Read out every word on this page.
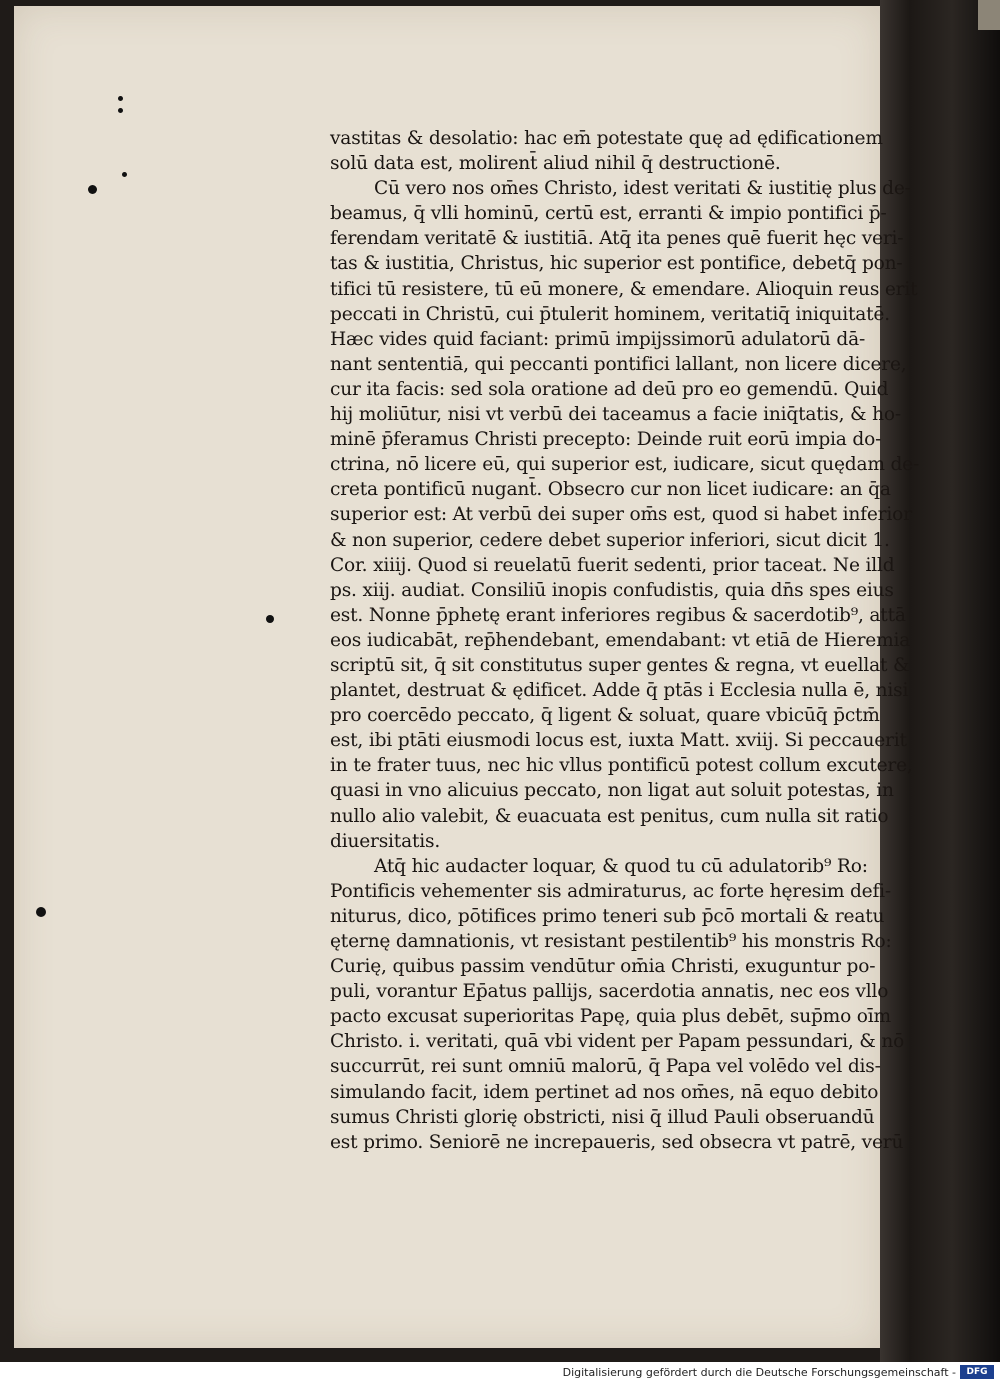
vastitas & desolatio: hac em̄ potestate quę ad ędificationem
solū data est, molirent̄ aliud nihil q̄ destructionē.
Cū vero nos om̄es Christo, idest veritati & iustitię plus de-
beamus, q̄ vlli hominū, certū est, erranti & impio pontifici p̄-
ferendam veritatē & iustitiā. Atq̄ ita penes quē fuerit hęc veri-
tas & iustitia, Christus, hic superior est pontifice, debetq̄ pon-
tifici tū resistere, tū eū monere, & emendare. Alioquin reus erit
peccati in Christū, cui p̄tulerit hominem, veritatiq̄ iniquitatē.
Hæc vides quid faciant: primū impijssimorū adulatorū dā-
nant sententiā, qui peccanti pontifici lallant, non licere dicere,
cur ita facis: sed sola oratione ad deū pro eo gemendū. Quid
hij moliūtur, nisi vt verbū dei taceamus a facie iniq̄tatis, & ho-
minē p̄feramus Christi precepto: Deinde ruit eorū impia do-
ctrina, nō licere eū, qui superior est, iudicare, sicut quędam de-
creta pontificū nugant̄. Obsecro cur non licet iudicare: an q̄a
superior est: At verbū dei super om̄s est, quod si habet inferior
& non superior, cedere debet superior inferiori, sicut dicit 1.
Cor. xiiij. Quod si reuelatū fuerit sedenti, prior taceat. Ne illd
ps. xiij. audiat. Consiliū inopis confudistis, quia dn̄s spes eius
est. Nonne p̄phetę erant inferiores regibus & sacerdotib⁹, attā
eos iudicabāt, rep̄hendebant, emendabant: vt etiā de Hieremia
scriptū sit, q̄ sit constitutus super gentes & regna, vt euellat &
plantet, destruat & ędificet. Adde q̄ ptās i Ecclesia nulla ē, nisi
pro coercēdo peccato, q̄ ligent & soluat, quare vbicūq̄ p̄ctm̄
est, ibi ptāti eiusmodi locus est, iuxta Matt. xviij. Si peccauerit
in te frater tuus, nec hic vllus pontificū potest collum excutere,
quasi in vno alicuius peccato, non ligat aut soluit potestas, in
nullo alio valebit, & euacuata est penitus, cum nulla sit ratio
diuersitatis.
Atq̄ hic audacter loquar, & quod tu cū adulatorib⁹ Ro:
Pontificis vehementer sis admiraturus, ac forte hęresim defi-
niturus, dico, pōtifices primo teneri sub p̄cō mortali & reatu
ęternę damnationis, vt resistant pestilentib⁹ his monstris Ro:
Curię, quibus passim vendūtur om̄ia Christi, exuguntur po-
puli, vorantur Ep̄atus pallijs, sacerdotia annatis, nec eos vllo
pacto excusat superioritas Papę, quia plus debēt, sup̄mo oīm
Christo. i. veritati, quā vbi vident per Papam pessundari, & nō
succurrūt, rei sunt omniū malorū, q̄ Papa vel volēdo vel dis-
simulando facit, idem pertinet ad nos om̄es, nā equo debito
sumus Christi glorię obstricti, nisi q̄ illud Pauli obseruandū
est primo. Seniorē ne increpaueris, sed obsecra vt patrē, verū
Digitalisierung gefördert durch die Deutsche Forschungsgemeinschaft -	DFG
